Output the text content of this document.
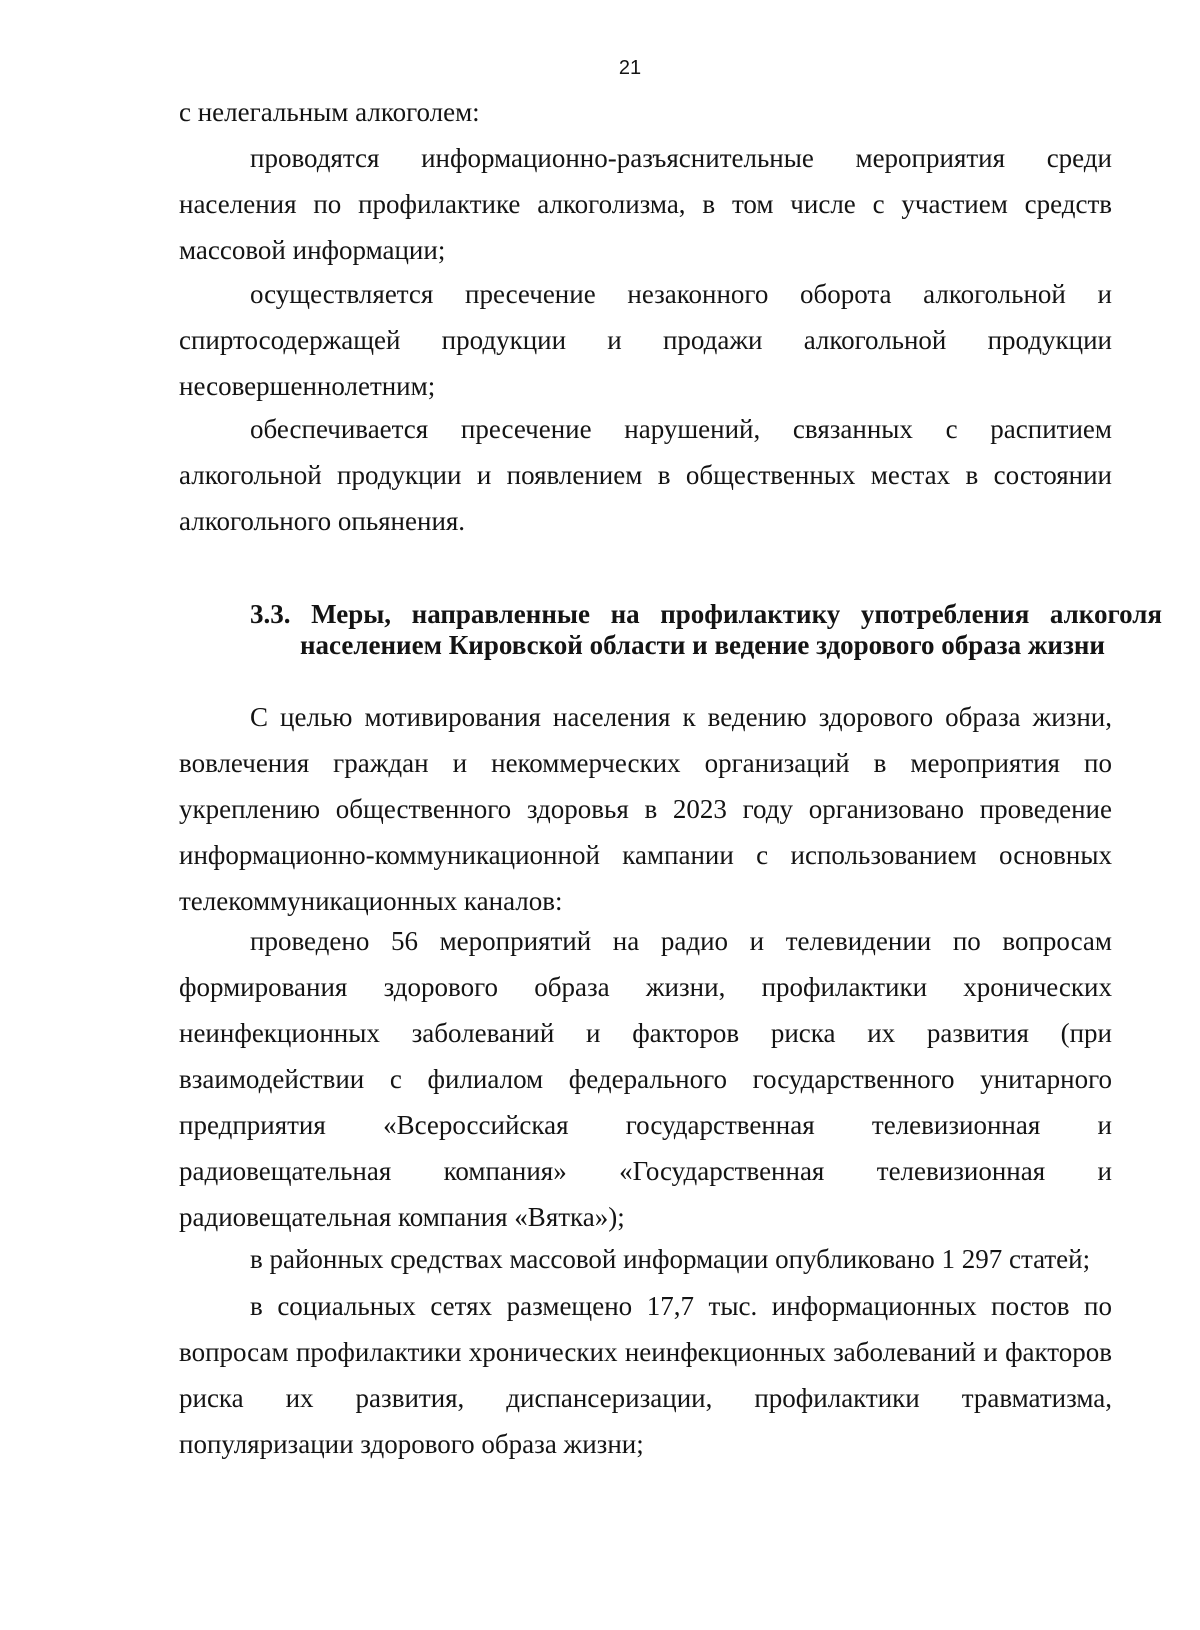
21

с нелегальным алкоголем:

проводятся информационно-разъяснительные мероприятия среди населения по профилактике алкоголизма, в том числе с участием средств массовой информации;

осуществляется пресечение незаконного оборота алкогольной и спиртосодержащей продукции и продажи алкогольной продукции несовершеннолетним;

обеспечивается пресечение нарушений, связанных с распитием алкогольной продукции и появлением в общественных местах в состоянии алкогольного опьянения.

3.3. Меры, направленные на профилактику употребления алкоголя населением Кировской области и ведение здорового образа жизни

С целью мотивирования населения к ведению здорового образа жизни, вовлечения граждан и некоммерческих организаций в мероприятия по укреплению общественного здоровья в 2023 году организовано проведение информационно-коммуникационной кампании с использованием основных телекоммуникационных каналов:

проведено 56 мероприятий на радио и телевидении по вопросам формирования здорового образа жизни, профилактики хронических неинфекционных заболеваний и факторов риска их развития (при взаимодействии с филиалом федерального государственного унитарного предприятия «Всероссийская государственная телевизионная и радиовещательная компания» «Государственная телевизионная и радиовещательная компания «Вятка»);

в районных средствах массовой информации опубликовано 1 297 статей;

в социальных сетях размещено 17,7 тыс. информационных постов по вопросам профилактики хронических неинфекционных заболеваний и факторов риска их развития, диспансеризации, профилактики травматизма, популяризации здорового образа жизни;
